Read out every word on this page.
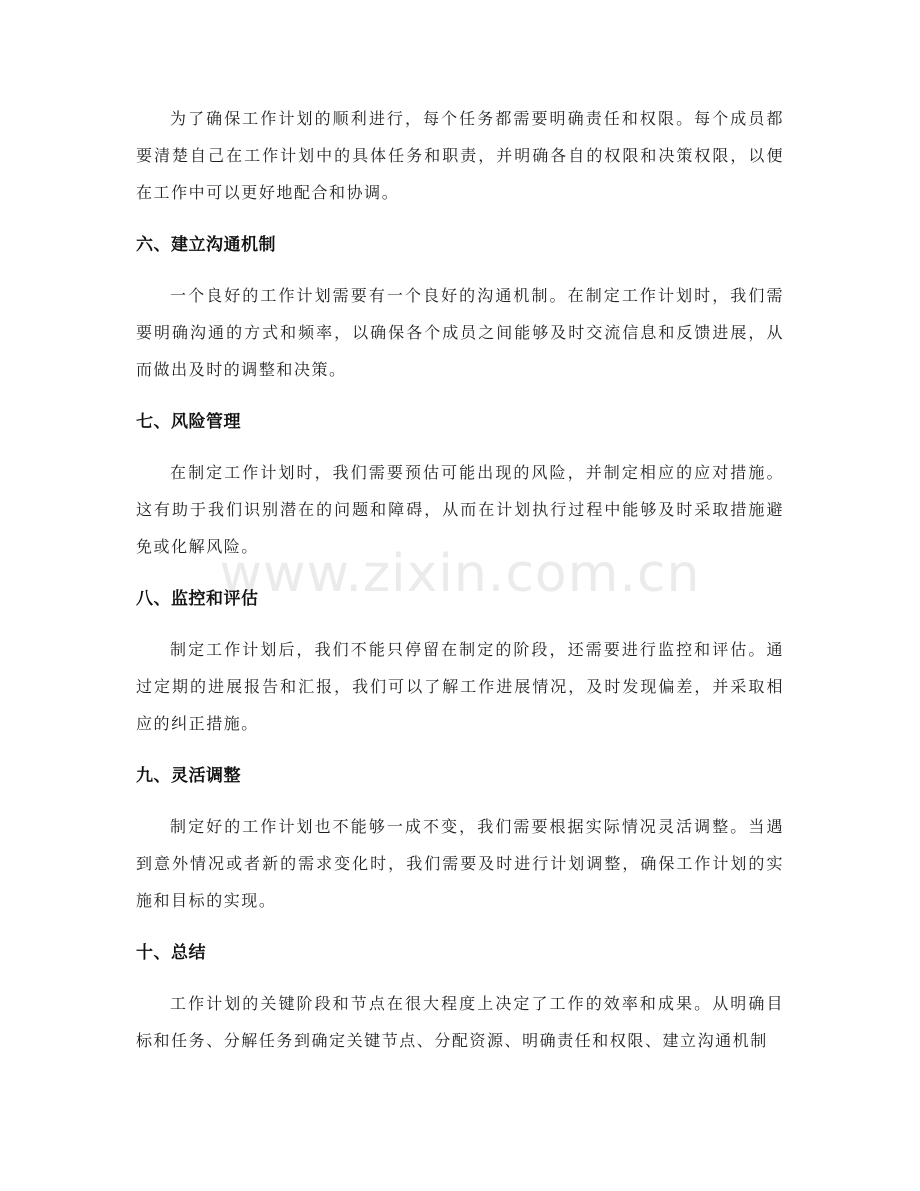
www.zixin.com.cn

为了确保工作计划的顺利进行，每个任务都需要明确责任和权限。每个成员都要清楚自己在工作计划中的具体任务和职责，并明确各自的权限和决策权限，以便在工作中可以更好地配合和协调。

六、建立沟通机制

一个良好的工作计划需要有一个良好的沟通机制。在制定工作计划时，我们需要明确沟通的方式和频率，以确保各个成员之间能够及时交流信息和反馈进展，从而做出及时的调整和决策。

七、风险管理

在制定工作计划时，我们需要预估可能出现的风险，并制定相应的应对措施。这有助于我们识别潜在的问题和障碍，从而在计划执行过程中能够及时采取措施避免或化解风险。

八、监控和评估

制定工作计划后，我们不能只停留在制定的阶段，还需要进行监控和评估。通过定期的进展报告和汇报，我们可以了解工作进展情况，及时发现偏差，并采取相应的纠正措施。

九、灵活调整

制定好的工作计划也不能够一成不变，我们需要根据实际情况灵活调整。当遇到意外情况或者新的需求变化时，我们需要及时进行计划调整，确保工作计划的实施和目标的实现。

十、总结

工作计划的关键阶段和节点在很大程度上决定了工作的效率和成果。从明确目标和任务、分解任务到确定关键节点、分配资源、明确责任和权限、建立沟通机制
